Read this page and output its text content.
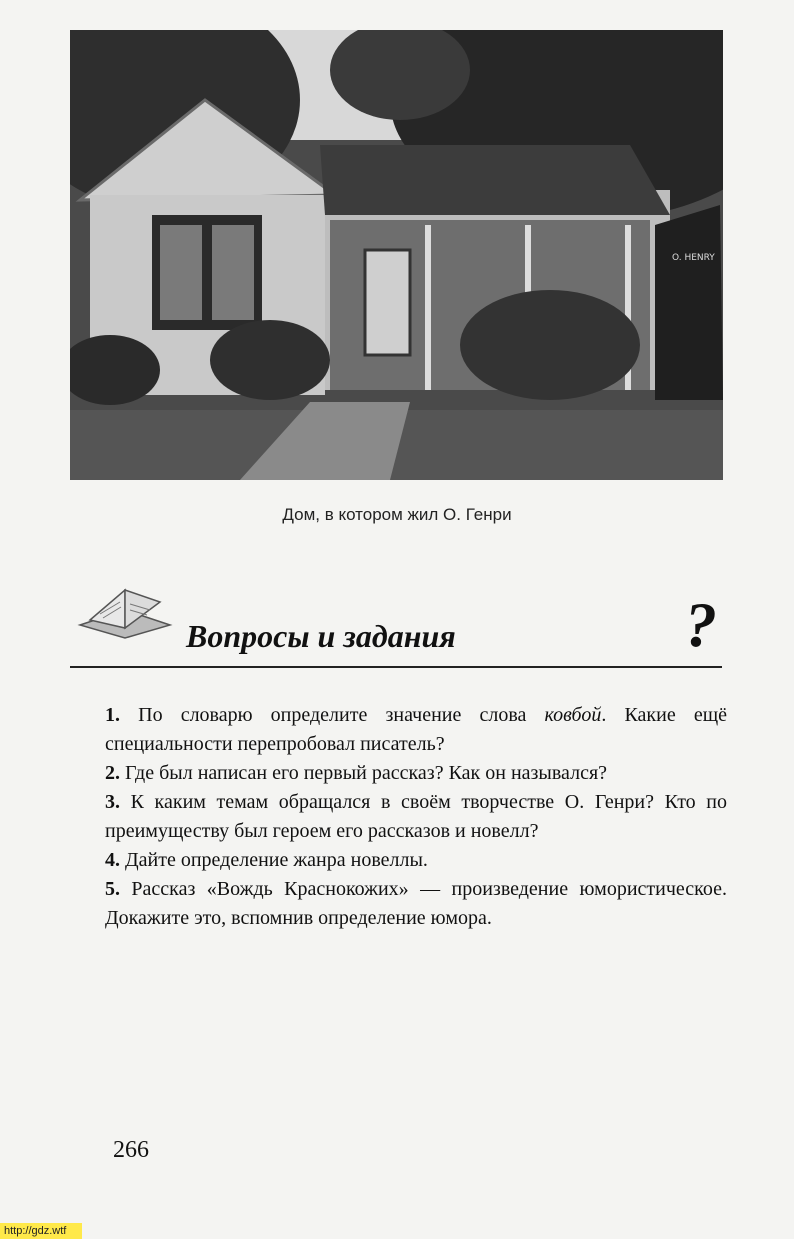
O. HENRY
Дом, в котором жил О. Генри
Вопросы и задания	?

1. По словарю определите значение слова ковбой. Какие ещё специальности перепробовал писатель?

2. Где был написан его первый рассказ? Как он назывался?

3. К каким темам обращался в своём творчестве О. Генри? Кто по преимуществу был героем его рассказов и новелл?

4. Дайте определение жанра новеллы.

5. Рассказ «Вождь Краснокожих» — произведение юмористическое. Докажите это, вспомнив определение юмора.

266
http://gdz.wtf
